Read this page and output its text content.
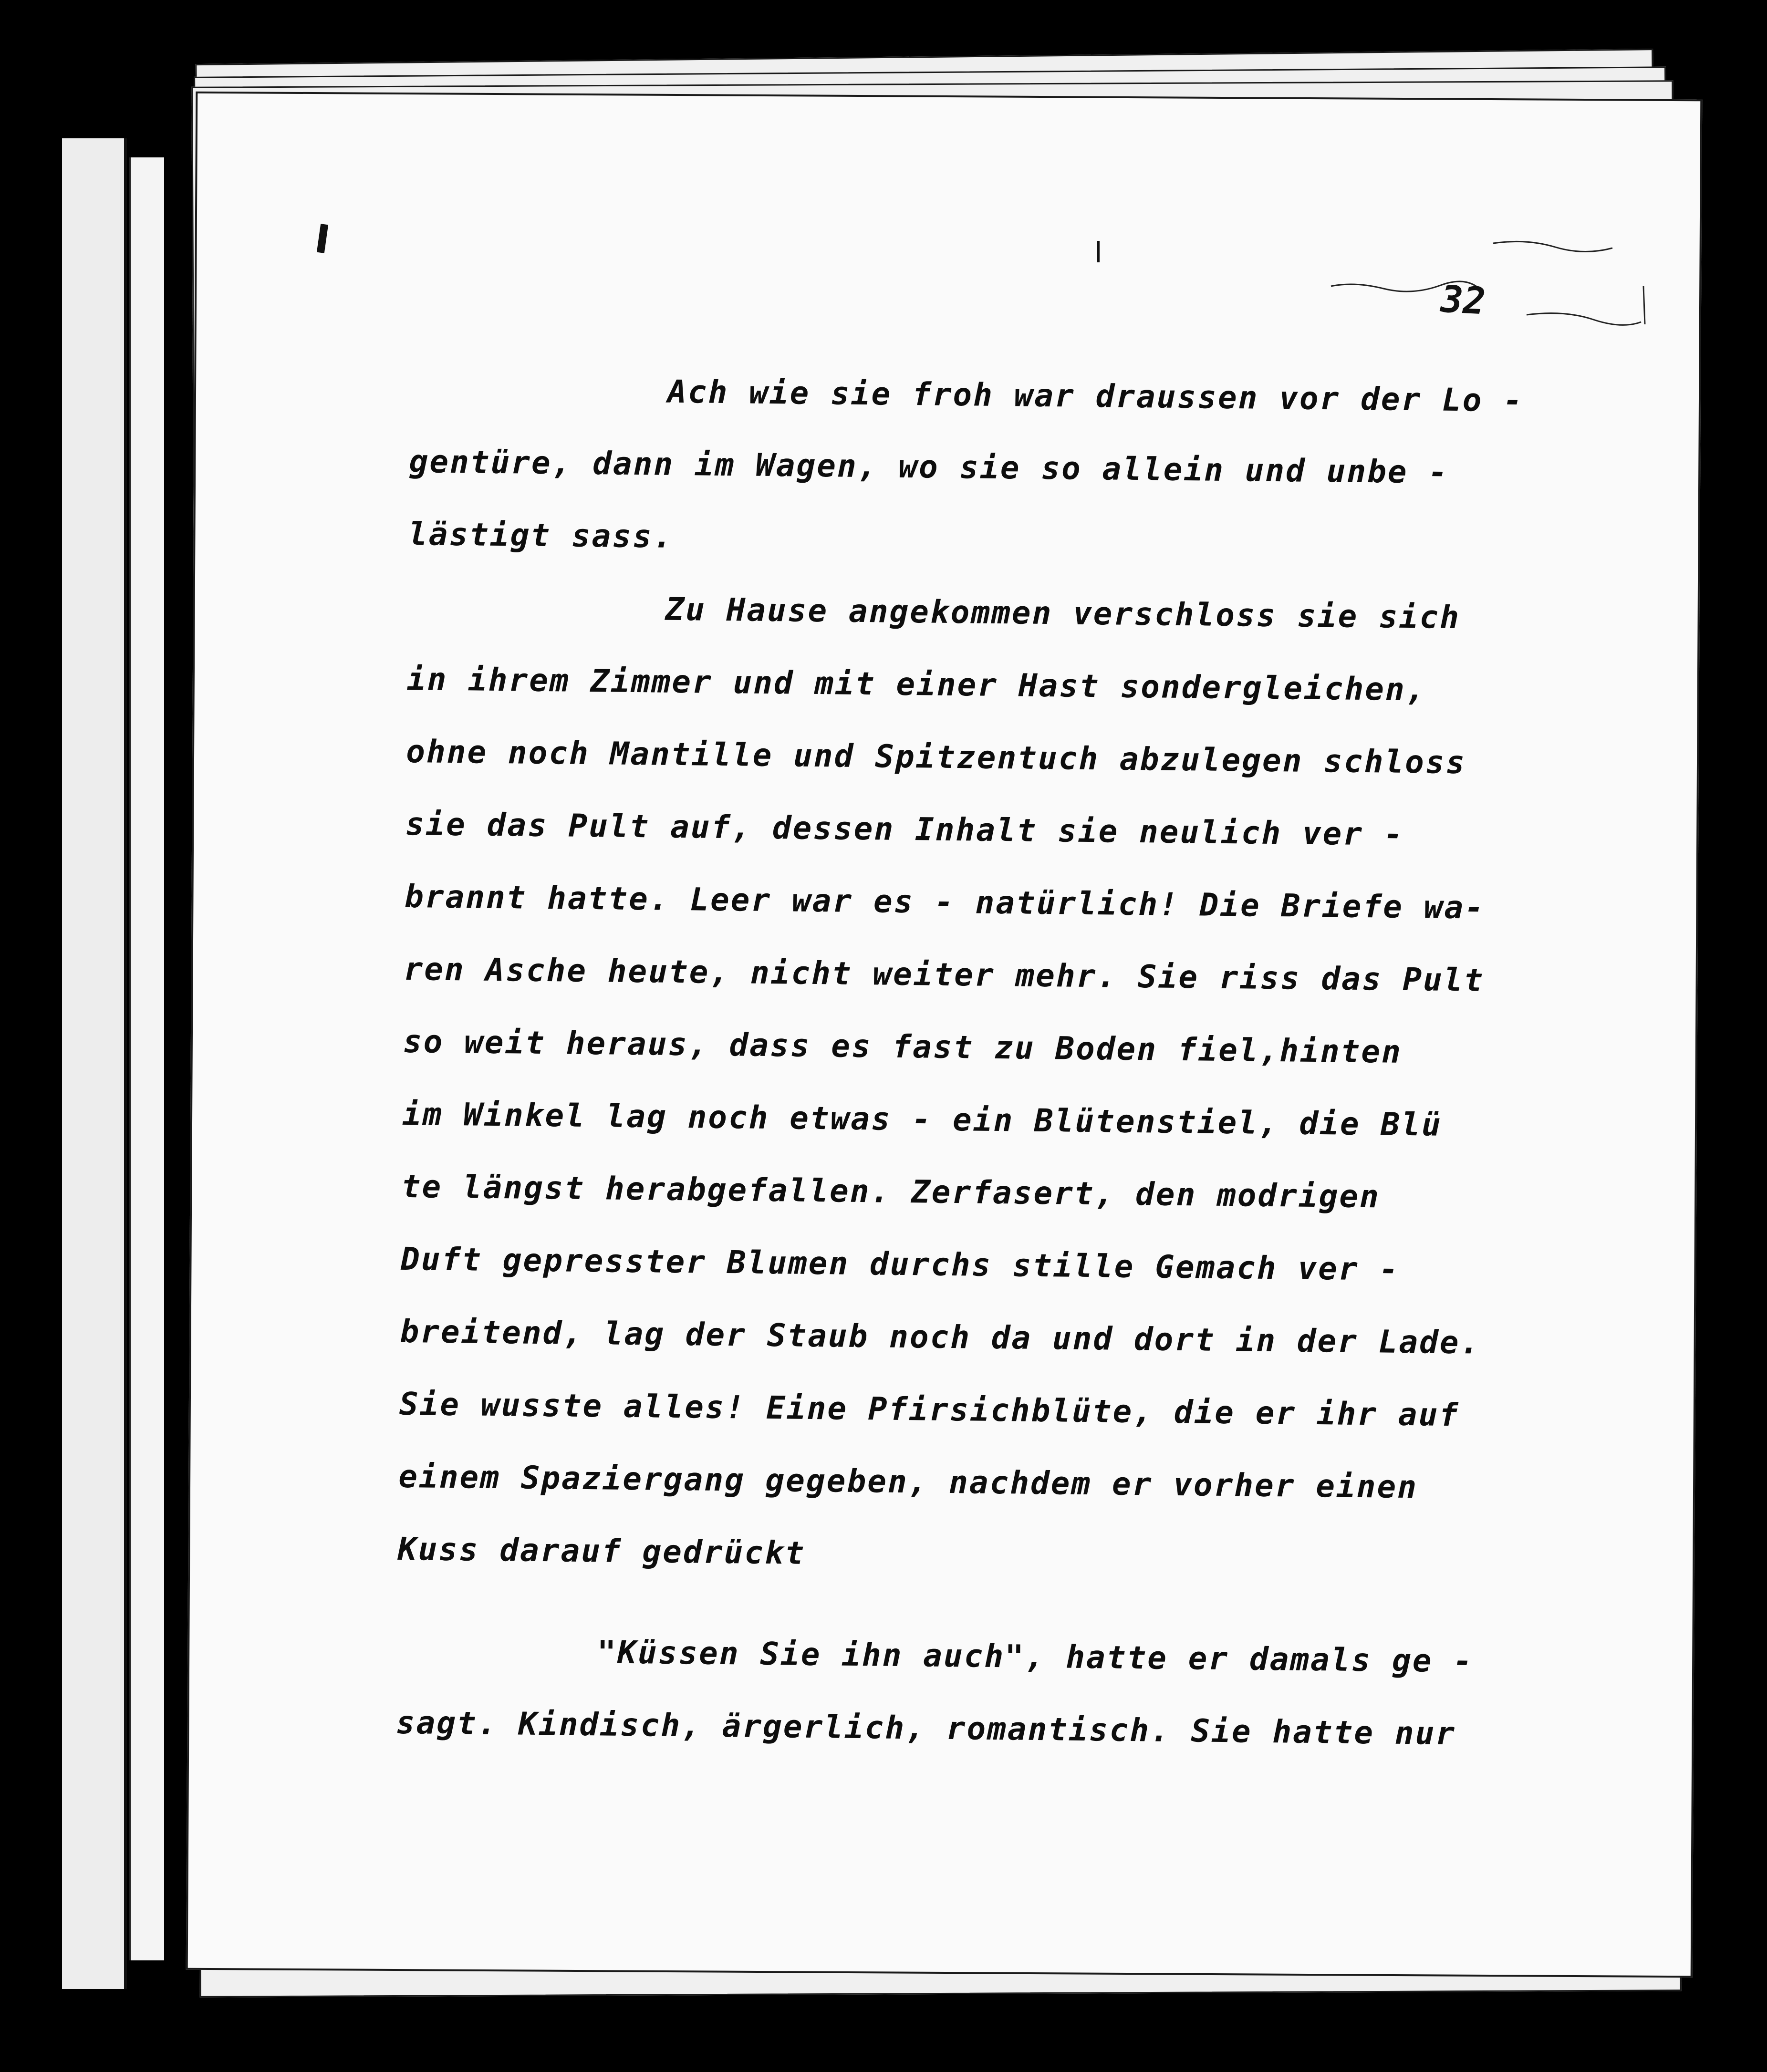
32
Ach wie sie froh war draussen vor der Lo -
gentüre, dann im Wagen, wo sie so allein und unbe -
lästigt sass.
Zu Hause angekommen verschloss sie sich
in ihrem Zimmer und mit einer Hast sondergleichen,
ohne noch Mantille und Spitzentuch abzulegen schloss
sie das Pult auf, dessen Inhalt sie neulich ver -
brannt hatte. Leer war es - natürlich! Die Briefe wa-
ren Asche heute, nicht weiter mehr. Sie riss das Pult
so weit heraus, dass es fast zu Boden fiel,hinten
im Winkel lag noch etwas - ein Blütenstiel, die Blü
te längst herabgefallen. Zerfasert, den modrigen
Duft gepresster Blumen durchs stille Gemach ver -
breitend, lag der Staub noch da und dort in der Lade.
Sie wusste alles! Eine Pfirsichblüte, die er ihr auf
einem Spaziergang gegeben, nachdem er vorher einen
Kuss darauf gedrückt
"Küssen Sie ihn auch", hatte er damals ge -
sagt. Kindisch, ärgerlich, romantisch. Sie hatte nur
